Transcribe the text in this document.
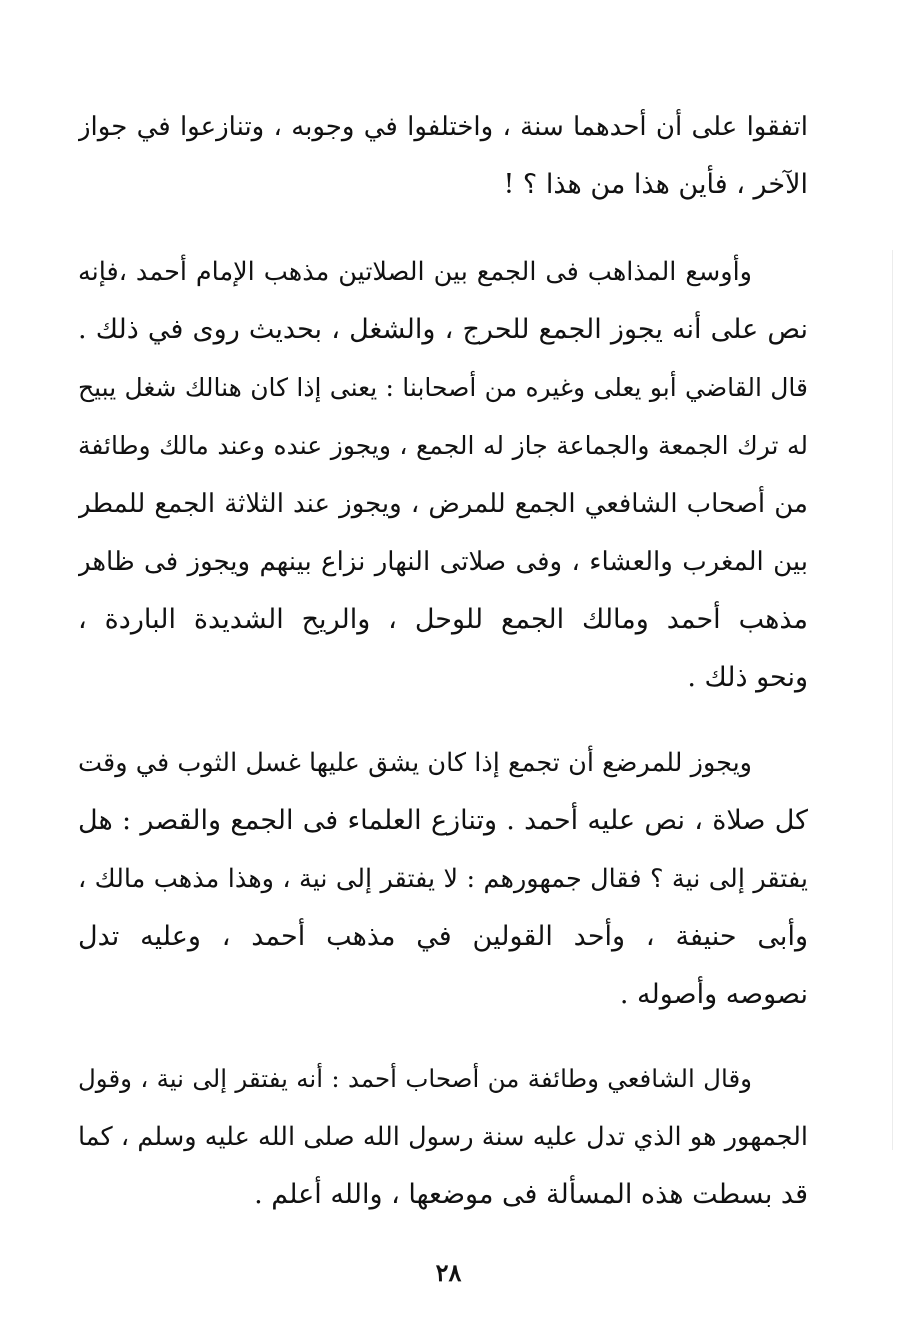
اتفقوا على أن أحدهما سنة ، واختلفوا في وجوبه ، وتنازعوا في جواز
الآخر ، فأين هذا من هذا ؟ !
وأوسع المذاهب فى الجمع بين الصلاتين مذهب الإمام أحمد ،فإنه
نص على أنه يجوز الجمع للحرج ، والشغل ، بحديث روى في ذلك .
قال القاضي أبو يعلى وغيره من أصحابنا : يعنى إذا كان هنالك شغل يبيح
له ترك الجمعة والجماعة جاز له الجمع ، ويجوز عنده وعند مالك وطائفة
من أصحاب الشافعي الجمع للمرض ، ويجوز عند الثلاثة الجمع للمطر
بين المغرب والعشاء ، وفى صلاتى النهار نزاع بينهم ويجوز فى ظاهر
مذهب أحمد ومالك الجمع للوحل ، والريح الشديدة الباردة ،
ونحو ذلك .
ويجوز للمرضع أن تجمع إذا كان يشق عليها غسل الثوب في وقت
كل صلاة ، نص عليه أحمد . وتنازع العلماء فى الجمع والقصر : هل
يفتقر إلى نية ؟ فقال جمهورهم : لا يفتقر إلى نية ، وهذا مذهب مالك ،
وأبى حنيفة ، وأحد القولين في مذهب أحمد ، وعليه تدل
نصوصه وأصوله .
وقال الشافعي وطائفة من أصحاب أحمد : أنه يفتقر إلى نية ، وقول
الجمهور هو الذي تدل عليه سنة رسول الله صلى الله عليه وسلم ، كما
قد بسطت هذه المسألة فى موضعها ، والله أعلم .
٢٨
